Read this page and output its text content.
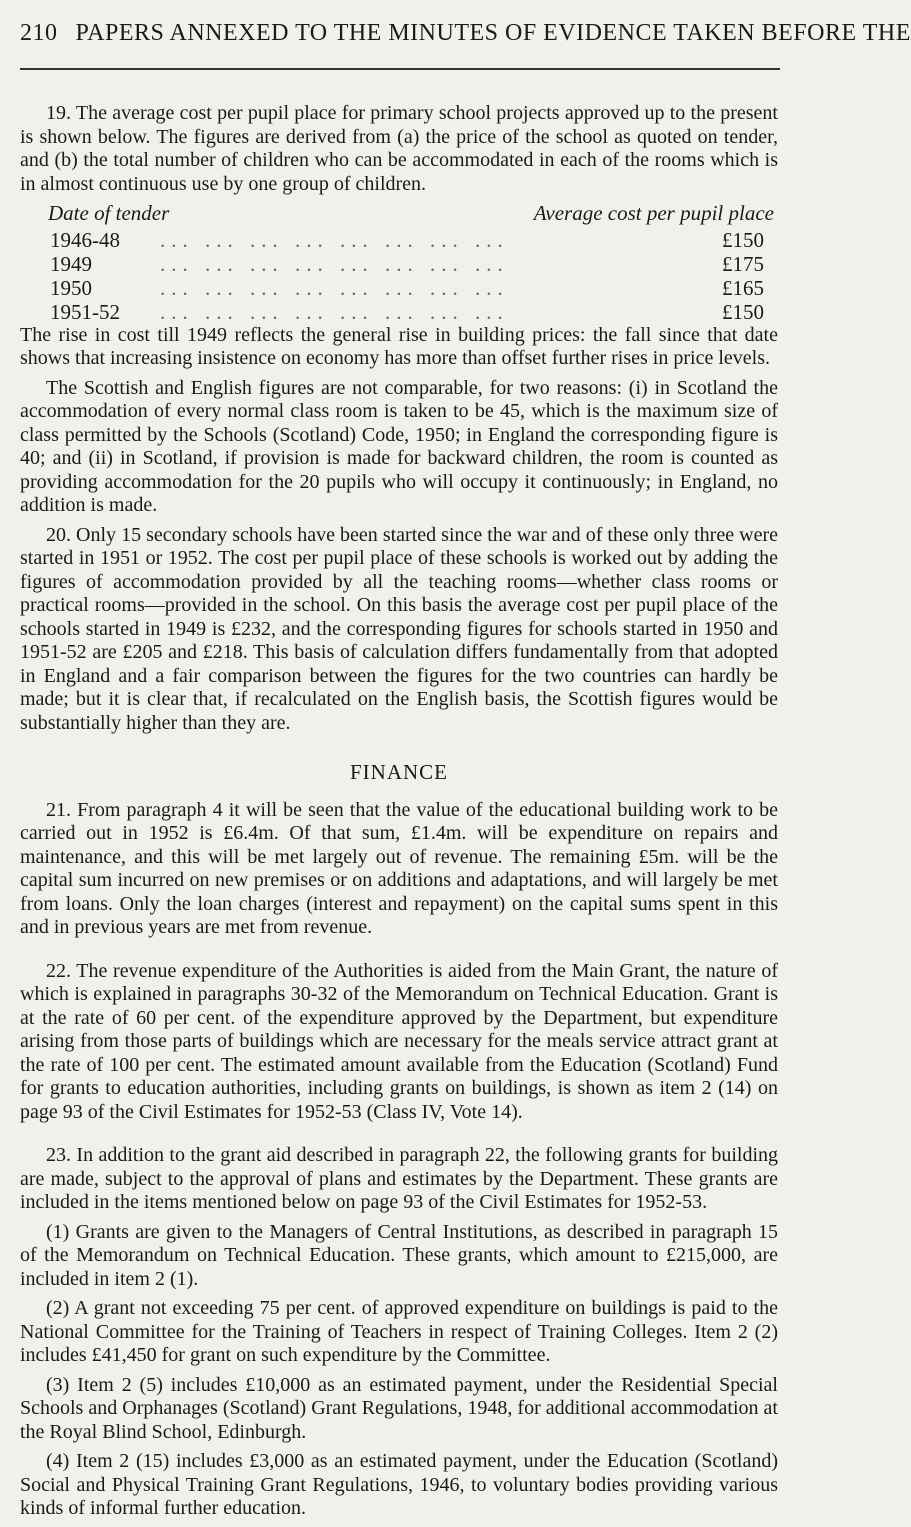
210 PAPERS ANNEXED TO THE MINUTES OF EVIDENCE TAKEN BEFORE THE

19. The average cost per pupil place for primary school projects approved up to the present is shown below. The figures are derived from (a) the price of the school as quoted on tender, and (b) the total number of children who can be accommodated in each of the rooms which is in almost continuous use by one group of children.

Date of tender	Average cost per pupil place
1946-48	... ... ... ... ... ... ... ...	£150
1949	... ... ... ... ... ... ... ...	£175
1950	... ... ... ... ... ... ... ...	£165
1951-52	... ... ... ... ... ... ... ...	£150

The rise in cost till 1949 reflects the general rise in building prices: the fall since that date shows that increasing insistence on economy has more than offset further rises in price levels.

The Scottish and English figures are not comparable, for two reasons: (i) in Scotland the accommodation of every normal class room is taken to be 45, which is the maximum size of class permitted by the Schools (Scotland) Code, 1950; in England the corresponding figure is 40; and (ii) in Scotland, if provision is made for backward children, the room is counted as providing accommodation for the 20 pupils who will occupy it continuously; in England, no addition is made.

20. Only 15 secondary schools have been started since the war and of these only three were started in 1951 or 1952. The cost per pupil place of these schools is worked out by adding the figures of accommodation provided by all the teaching rooms—whether class rooms or practical rooms—provided in the school. On this basis the average cost per pupil place of the schools started in 1949 is £232, and the corresponding figures for schools started in 1950 and 1951-52 are £205 and £218. This basis of calculation differs fundamentally from that adopted in England and a fair comparison between the figures for the two countries can hardly be made; but it is clear that, if recalculated on the English basis, the Scottish figures would be substantially higher than they are.

FINANCE

21. From paragraph 4 it will be seen that the value of the educational building work to be carried out in 1952 is £6.4m. Of that sum, £1.4m. will be expenditure on repairs and maintenance, and this will be met largely out of revenue. The remaining £5m. will be the capital sum incurred on new premises or on additions and adaptations, and will largely be met from loans. Only the loan charges (interest and repayment) on the capital sums spent in this and in previous years are met from revenue.

22. The revenue expenditure of the Authorities is aided from the Main Grant, the nature of which is explained in paragraphs 30-32 of the Memorandum on Technical Education. Grant is at the rate of 60 per cent. of the expenditure approved by the Department, but expenditure arising from those parts of buildings which are necessary for the meals service attract grant at the rate of 100 per cent. The estimated amount available from the Education (Scotland) Fund for grants to education authorities, including grants on buildings, is shown as item 2 (14) on page 93 of the Civil Estimates for 1952-53 (Class IV, Vote 14).

23. In addition to the grant aid described in paragraph 22, the following grants for building are made, subject to the approval of plans and estimates by the Department. These grants are included in the items mentioned below on page 93 of the Civil Estimates for 1952-53.

(1) Grants are given to the Managers of Central Institutions, as described in paragraph 15 of the Memorandum on Technical Education. These grants, which amount to £215,000, are included in item 2 (1).

(2) A grant not exceeding 75 per cent. of approved expenditure on buildings is paid to the National Committee for the Training of Teachers in respect of Training Colleges. Item 2 (2) includes £41,450 for grant on such expenditure by the Committee.

(3) Item 2 (5) includes £10,000 as an estimated payment, under the Residential Special Schools and Orphanages (Scotland) Grant Regulations, 1948, for additional accommodation at the Royal Blind School, Edinburgh.

(4) Item 2 (15) includes £3,000 as an estimated payment, under the Education (Scotland) Social and Physical Training Grant Regulations, 1946, to voluntary bodies providing various kinds of informal further education.
